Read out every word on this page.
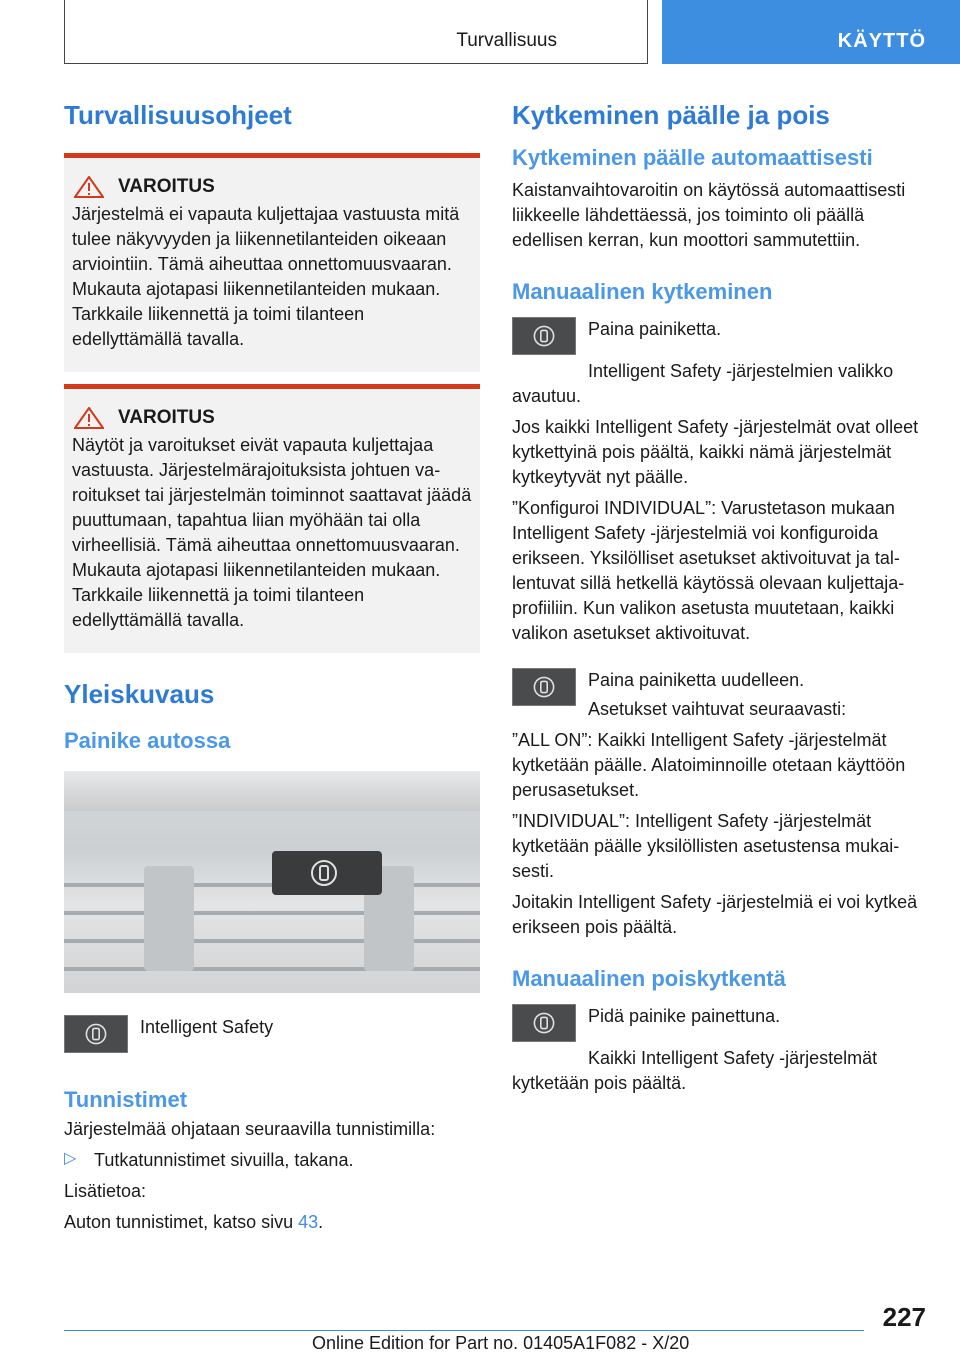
Turvallisuus	KÄYTTÖ
Turvallisuusohjeet
VAROITUS

Järjestelmä ei vapauta kuljettajaa vastuusta mitä tulee näkyvyyden ja liikennetilanteiden oikeaan arviointiin. Tämä aiheuttaa onnettomuusvaaran. Mukauta ajotapasi liikennetilanteiden mukaan. Tarkkaile liikennettä ja toimi tilanteen edellyttämällä tavalla.

VAROITUS

Näytöt ja varoitukset eivät vapauta kuljettajaa vastuusta. Järjestelmärajoituksista johtuen varoitukset tai järjestelmän toiminnot saattavat jäädä puuttumaan, tapahtua liian myöhään tai olla virheellisiä. Tämä aiheuttaa onnettomuusvaaran. Mukauta ajotapasi liikennetilanteiden mukaan. Tarkkaile liikennettä ja toimi tilanteen edellyttämällä tavalla.

Yleiskuvaus
Painike autossa

Intelligent Safety

Tunnistimet

Järjestelmää ohjataan seuraavilla tunnistimilla:

▷ Tutkatunnistimet sivuilla, takana.

Lisätietoa:

Auton tunnistimet, katso sivu 43.

Kytkeminen päälle ja pois
Kytkeminen päälle automaattisesti

Kaistanvaihtovaroitin on käytössä automaattisesti liikkeelle lähdettäessä, jos toiminto oli päällä edellisen kerran, kun moottori sammutettiin.

Manuaalinen kytkeminen

Paina painiketta.

Intelligent Safety -järjestelmien valikko avautuu.

Jos kaikki Intelligent Safety -järjestelmät ovat olleet kytkettyinä pois päältä, kaikki nämä järjestelmät kytkeytyvät nyt päälle.

”Konfiguroi INDIVIDUAL”: Varustetason mukaan Intelligent Safety -järjestelmiä voi konfiguroida erikseen. Yksilölliset asetukset aktivoituvat ja tallentuvat sillä hetkellä käytössä olevaan kuljettajaprofiiliin. Kun valikon asetusta muutetaan, kaikki valikon asetukset aktivoituvat.

Paina painiketta uudelleen.

Asetukset vaihtuvat seuraavasti:

”ALL ON”: Kaikki Intelligent Safety -järjestelmät kytketään päälle. Alatoiminnoille otetaan käyttöön perusasetukset.

”INDIVIDUAL”: Intelligent Safety -järjestelmät kytketään päälle yksilöllisten asetustensa mukaisesti.

Joitakin Intelligent Safety -järjestelmiä ei voi kytkeä erikseen pois päältä.

Manuaalinen poiskytkentä

Pidä painike painettuna.

Kaikki Intelligent Safety -järjestelmät kytketään pois päältä.

227
Online Edition for Part no. 01405A1F082 - X/20
